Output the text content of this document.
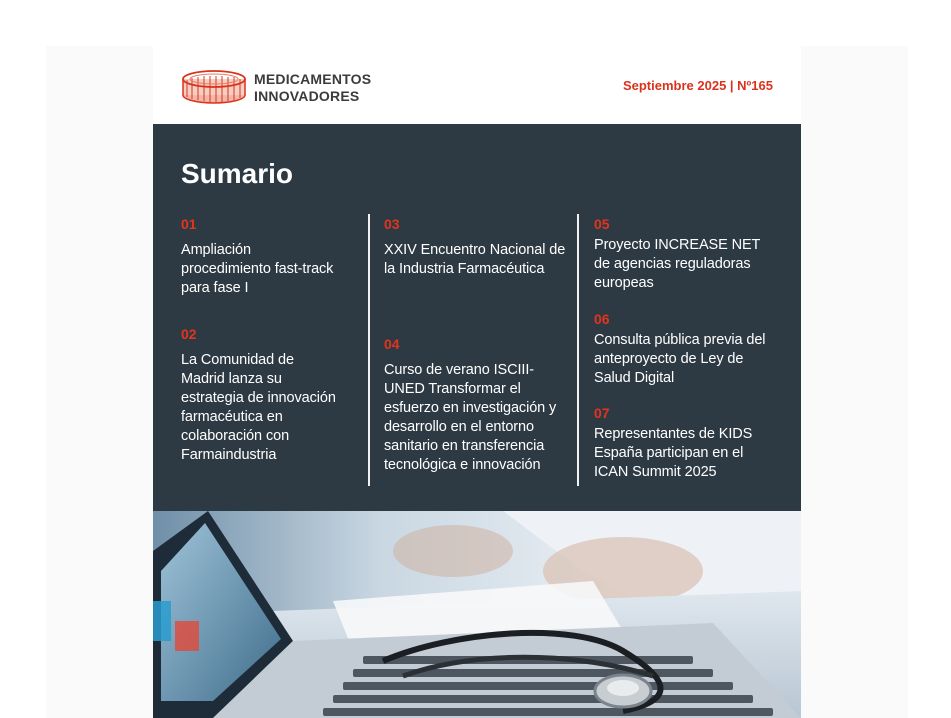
MEDICAMENTOS
INNOVADORES
Septiembre 2025 | Nº165
Sumario
01
Ampliación procedimiento fast-track para fase I
02
La Comunidad de Madrid lanza su estrategia de innovación farmacéutica en colaboración con Farmaindustria
03
XXIV Encuentro Nacional de la Industria Farmacéutica
04
Curso de verano ISCIII-UNED Transformar el esfuerzo en investigación y desarrollo en el entorno sanitario en transferencia tecnológica e innovación
05
Proyecto INCREASE NET de agencias reguladoras europeas
06
Consulta pública previa del anteproyecto de Ley de Salud Digital
07
Representantes de KIDS España participan en el ICAN Summit 2025
